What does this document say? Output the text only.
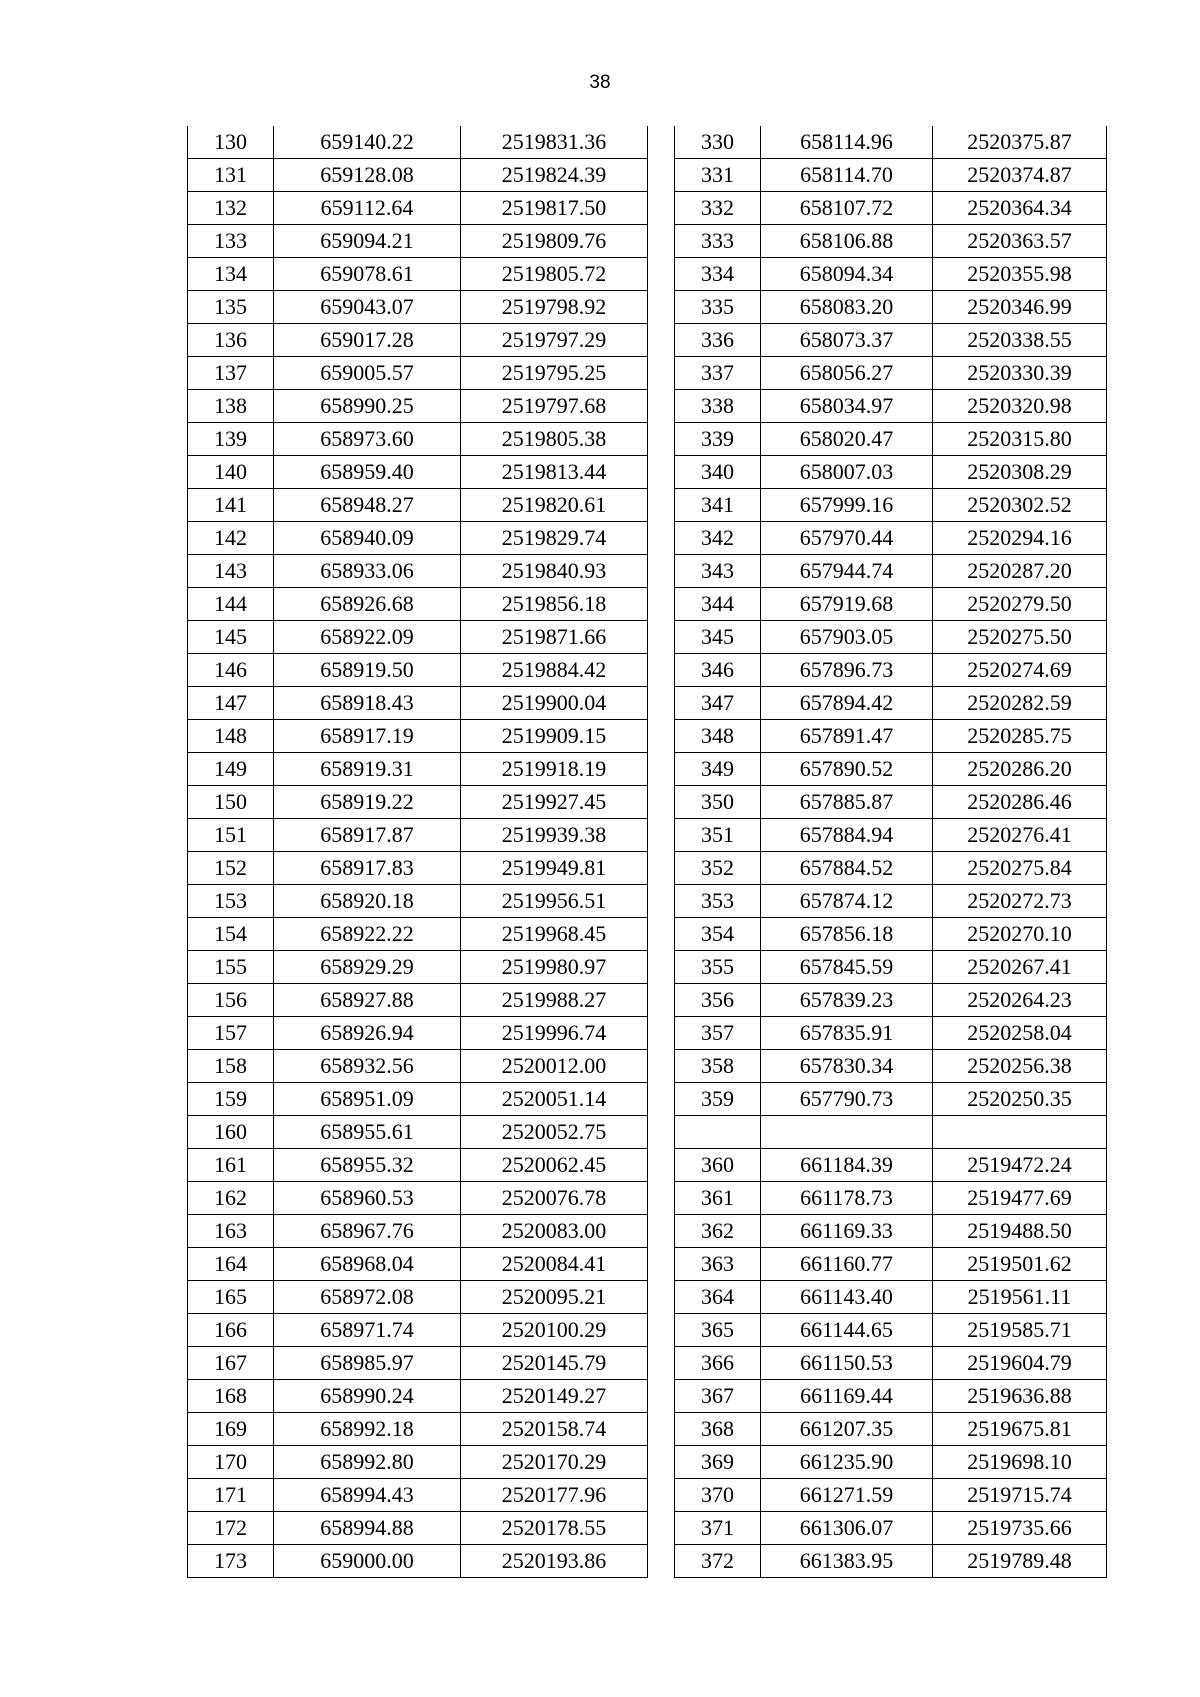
38
130	659140.22	2519831.36
131	659128.08	2519824.39
132	659112.64	2519817.50
133	659094.21	2519809.76
134	659078.61	2519805.72
135	659043.07	2519798.92
136	659017.28	2519797.29
137	659005.57	2519795.25
138	658990.25	2519797.68
139	658973.60	2519805.38
140	658959.40	2519813.44
141	658948.27	2519820.61
142	658940.09	2519829.74
143	658933.06	2519840.93
144	658926.68	2519856.18
145	658922.09	2519871.66
146	658919.50	2519884.42
147	658918.43	2519900.04
148	658917.19	2519909.15
149	658919.31	2519918.19
150	658919.22	2519927.45
151	658917.87	2519939.38
152	658917.83	2519949.81
153	658920.18	2519956.51
154	658922.22	2519968.45
155	658929.29	2519980.97
156	658927.88	2519988.27
157	658926.94	2519996.74
158	658932.56	2520012.00
159	658951.09	2520051.14
160	658955.61	2520052.75
161	658955.32	2520062.45
162	658960.53	2520076.78
163	658967.76	2520083.00
164	658968.04	2520084.41
165	658972.08	2520095.21
166	658971.74	2520100.29
167	658985.97	2520145.79
168	658990.24	2520149.27
169	658992.18	2520158.74
170	658992.80	2520170.29
171	658994.43	2520177.96
172	658994.88	2520178.55
173	659000.00	2520193.86
330	658114.96	2520375.87
331	658114.70	2520374.87
332	658107.72	2520364.34
333	658106.88	2520363.57
334	658094.34	2520355.98
335	658083.20	2520346.99
336	658073.37	2520338.55
337	658056.27	2520330.39
338	658034.97	2520320.98
339	658020.47	2520315.80
340	658007.03	2520308.29
341	657999.16	2520302.52
342	657970.44	2520294.16
343	657944.74	2520287.20
344	657919.68	2520279.50
345	657903.05	2520275.50
346	657896.73	2520274.69
347	657894.42	2520282.59
348	657891.47	2520285.75
349	657890.52	2520286.20
350	657885.87	2520286.46
351	657884.94	2520276.41
352	657884.52	2520275.84
353	657874.12	2520272.73
354	657856.18	2520270.10
355	657845.59	2520267.41
356	657839.23	2520264.23
357	657835.91	2520258.04
358	657830.34	2520256.38
359	657790.73	2520250.35

360	661184.39	2519472.24
361	661178.73	2519477.69
362	661169.33	2519488.50
363	661160.77	2519501.62
364	661143.40	2519561.11
365	661144.65	2519585.71
366	661150.53	2519604.79
367	661169.44	2519636.88
368	661207.35	2519675.81
369	661235.90	2519698.10
370	661271.59	2519715.74
371	661306.07	2519735.66
372	661383.95	2519789.48
